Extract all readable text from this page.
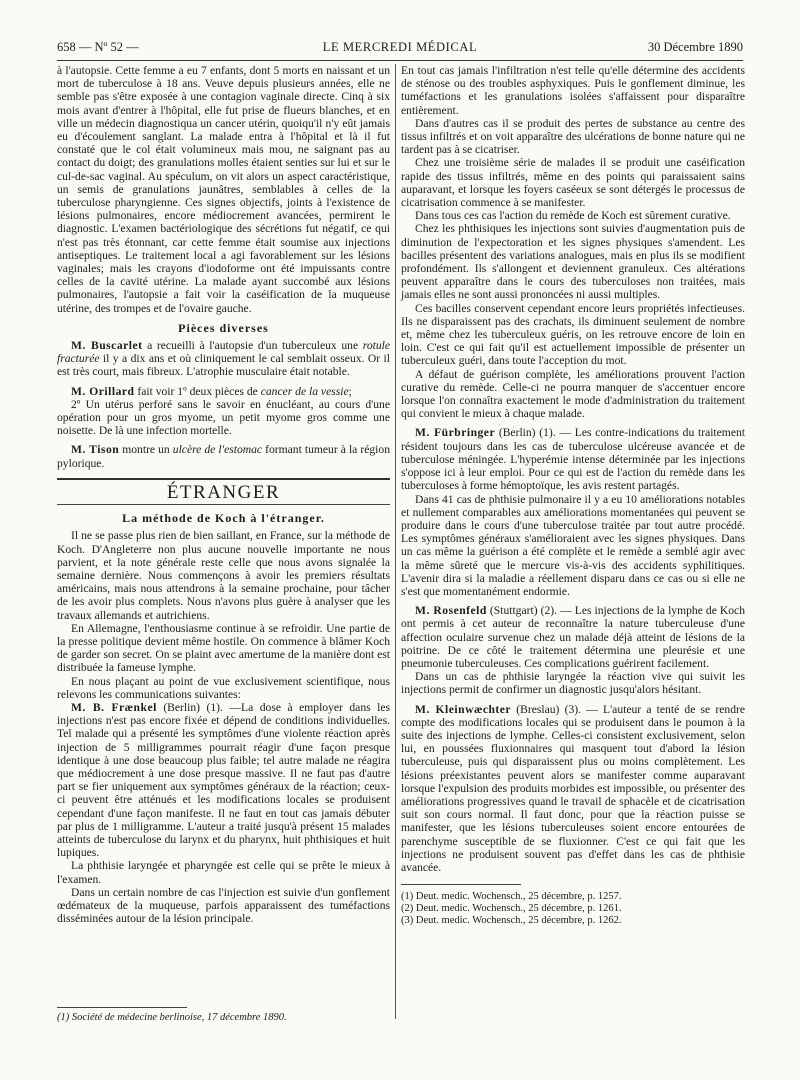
658 — Nº 52 —	LE MERCREDI MÉDICAL	30 Décembre 1890

à l'autopsie. Cette femme a eu 7 enfants, dont 5 morts en naissant et un mort de tuberculose à 18 ans. Veuve depuis plusieurs années, elle ne semble pas s'être exposée à une contagion vaginale directe. Cinq à six mois avant d'entrer à l'hôpital, elle fut prise de flueurs blanches, et en ville un médecin diagnostiqua un cancer utérin, quoiqu'il n'y eût jamais eu d'écoulement sanglant. La malade entra à l'hôpital et là il fut constaté que le col était volumineux mais mou, ne saignant pas au contact du doigt; des granulations molles étaient senties sur lui et sur le cul-de-sac vaginal. Au spéculum, on vit alors un aspect caractéristique, un semis de granulations jaunâtres, semblables à celles de la tuberculose pharyngienne. Ces signes objectifs, joints à l'existence de lésions pulmonaires, encore médiocrement avancées, permirent le diagnostic. L'examen bactériologique des sécrétions fut négatif, ce qui n'est pas très étonnant, car cette femme était soumise aux injections antiseptiques. Le traitement local a agi favorablement sur les lésions vaginales; mais les crayons d'iodoforme ont été impuissants contre celles de la cavité utérine. La malade ayant succombé aux lésions pulmonaires, l'autopsie a fait voir la caséification de la muqueuse utérine, des trompes et de l'ovaire gauche.

Pièces diverses

M. Buscarlet a recueilli à l'autopsie d'un tuberculeux une rotule fracturée il y a dix ans et où cliniquement le cal semblait osseux. Or il est très court, mais fibreux. L'atrophie musculaire était notable.

M. Orillard fait voir 1º deux pièces de cancer de la vessie;

2º Un utérus perforé sans le savoir en énucléant, au cours d'une opération pour un gros myome, un petit myome gros comme une noisette. De là une infection mortelle.

M. Tison montre un ulcère de l'estomac formant tumeur à la région pylorique.

ÉTRANGER
La méthode de Koch à l'étranger.

Il ne se passe plus rien de bien saillant, en France, sur la méthode de Koch. D'Angleterre non plus aucune nouvelle importante ne nous parvient, et la note générale reste celle que nous avons signalée la semaine dernière. Nous commençons à avoir les premiers résultats américains, mais nous attendrons à la semaine prochaine, pour tâcher de les avoir plus complets. Nous n'avons plus guère à analyser que les travaux allemands et autrichiens.

En Allemagne, l'enthousiasme continue à se refroidir. Une partie de la presse politique devient même hostile. On commence à blâmer Koch de garder son secret. On se plaint avec amertume de la manière dont est distribuée la fameuse lymphe.

En nous plaçant au point de vue exclusivement scientifique, nous relevons les communications suivantes:

M. B. Frænkel (Berlin) (1). —La dose à employer dans les injections n'est pas encore fixée et dépend de conditions individuelles. Tel malade qui a présenté les symptômes d'une violente réaction après injection de 5 milligrammes pourrait réagir d'une façon presque identique à une dose beaucoup plus faible; tel autre malade ne réagira que médiocrement à une dose presque massive. Il ne faut pas d'autre part se fier uniquement aux symptômes généraux de la réaction; ceux-ci peuvent être atténués et les modifications locales se produisent cependant d'une façon manifeste. Il ne faut en tout cas jamais débuter par plus de 1 milligramme. L'auteur a traité jusqu'à présent 15 malades atteints de tuberculose du larynx et du pharynx, huit phthisiques et huit lupiques.

La phthisie laryngée et pharyngée est celle qui se prête le mieux à l'examen.

Dans un certain nombre de cas l'injection est suivie d'un gonflement œdémateux de la muqueuse, parfois apparaissent des tuméfactions disséminées autour de la lésion principale.

(1) Société de médecine berlinoise, 17 décembre 1890.

En tout cas jamais l'infiltration n'est telle qu'elle détermine des accidents de sténose ou des troubles asphyxiques. Puis le gonflement diminue, les tuméfactions et les granulations isolées s'affaissent pour disparaître entièrement.

Dans d'autres cas il se produit des pertes de substance au centre des tissus infiltrés et on voit apparaître des ulcérations de bonne nature qui ne tardent pas à se cicatriser.

Chez une troisième série de malades il se produit une caséification rapide des tissus infiltrés, même en des points qui paraissaient sains auparavant, et lorsque les foyers caséeux se sont détergés le processus de cicatrisation commence à se manifester.

Dans tous ces cas l'action du remède de Koch est sûrement curative.

Chez les phthisiques les injections sont suivies d'augmentation puis de diminution de l'expectoration et les signes physiques s'amendent. Les bacilles présentent des variations analogues, mais en plus ils se modifient profondément. Ils s'allongent et deviennent granuleux. Ces altérations peuvent apparaître dans le cours des tuberculoses non traitées, mais jamais elles ne sont aussi prononcées ni aussi multiples.

Ces bacilles conservent cependant encore leurs propriétés infectieuses. Ils ne disparaissent pas des crachats, ils diminuent seulement de nombre et, même chez les tuberculeux guéris, on les retrouve encore de loin en loin. C'est ce qui fait qu'il est actuellement impossible de présenter un tuberculeux guéri, dans toute l'acception du mot.

A défaut de guérison complète, les améliorations prouvent l'action curative du remède. Celle-ci ne pourra manquer de s'accentuer encore lorsque l'on connaîtra exactement le mode d'administration du traitement qui convient le mieux à chaque malade.

M. Fürbringer (Berlin) (1). — Les contre-indications du traitement résident toujours dans les cas de tuberculose ulcéreuse avancée et de tuberculose méningée. L'hyperémie intense déterminée par les injections s'oppose ici à leur emploi. Pour ce qui est de l'action du remède dans les tuberculoses à forme hémoptoïque, les avis restent partagés.

Dans 41 cas de phthisie pulmonaire il y a eu 10 améliorations notables et nullement comparables aux améliorations momentanées qui peuvent se produire dans le cours d'une tuberculose traitée par tout autre procédé. Les symptômes généraux s'amélioraient avec les signes physiques. Dans un cas même la guérison a été complète et le remède a semblé agir avec la même sûreté que le mercure vis-à-vis des accidents syphilitiques. L'avenir dira si la maladie a réellement disparu dans ce cas ou si elle ne s'est que momentanément endormie.

M. Rosenfeld (Stuttgart) (2). — Les injections de la lymphe de Koch ont permis à cet auteur de reconnaître la nature tuberculeuse d'une affection oculaire survenue chez un malade déjà atteint de lésions de la poitrine. De ce côté le traitement détermina une pleurésie et une pneumonie tuberculeuses. Ces complications guérirent facilement.

Dans un cas de phthisie laryngée la réaction vive qui suivit les injections permit de confirmer un diagnostic jusqu'alors hésitant.

M. Kleinwæchter (Breslau) (3). — L'auteur a tenté de se rendre compte des modifications locales qui se produisent dans le poumon à la suite des injections de lymphe. Celles-ci consistent exclusivement, selon lui, en poussées fluxionnaires qui masquent tout d'abord la lésion tuberculeuse, puis qui disparaissent plus ou moins complètement. Les lésions préexistantes peuvent alors se manifester comme auparavant lorsque l'expulsion des produits morbides est impossible, ou présenter des améliorations progressives quand le travail de sphacèle et de cicatrisation suit son cours normal. Il faut donc, pour que la réaction puisse se manifester, que les lésions tuberculeuses soient encore entourées de parenchyme susceptible de se fluxionner. C'est ce qui fait que les injections ne produisent souvent pas d'effet dans les cas de phthisie avancée.

(1) Deut. medic. Wochensch., 25 décembre, p. 1257.

(2) Deut. medic. Wochensch., 25 décembre, p. 1261.

(3) Deut. medic. Wochensch., 25 décembre, p. 1262.
